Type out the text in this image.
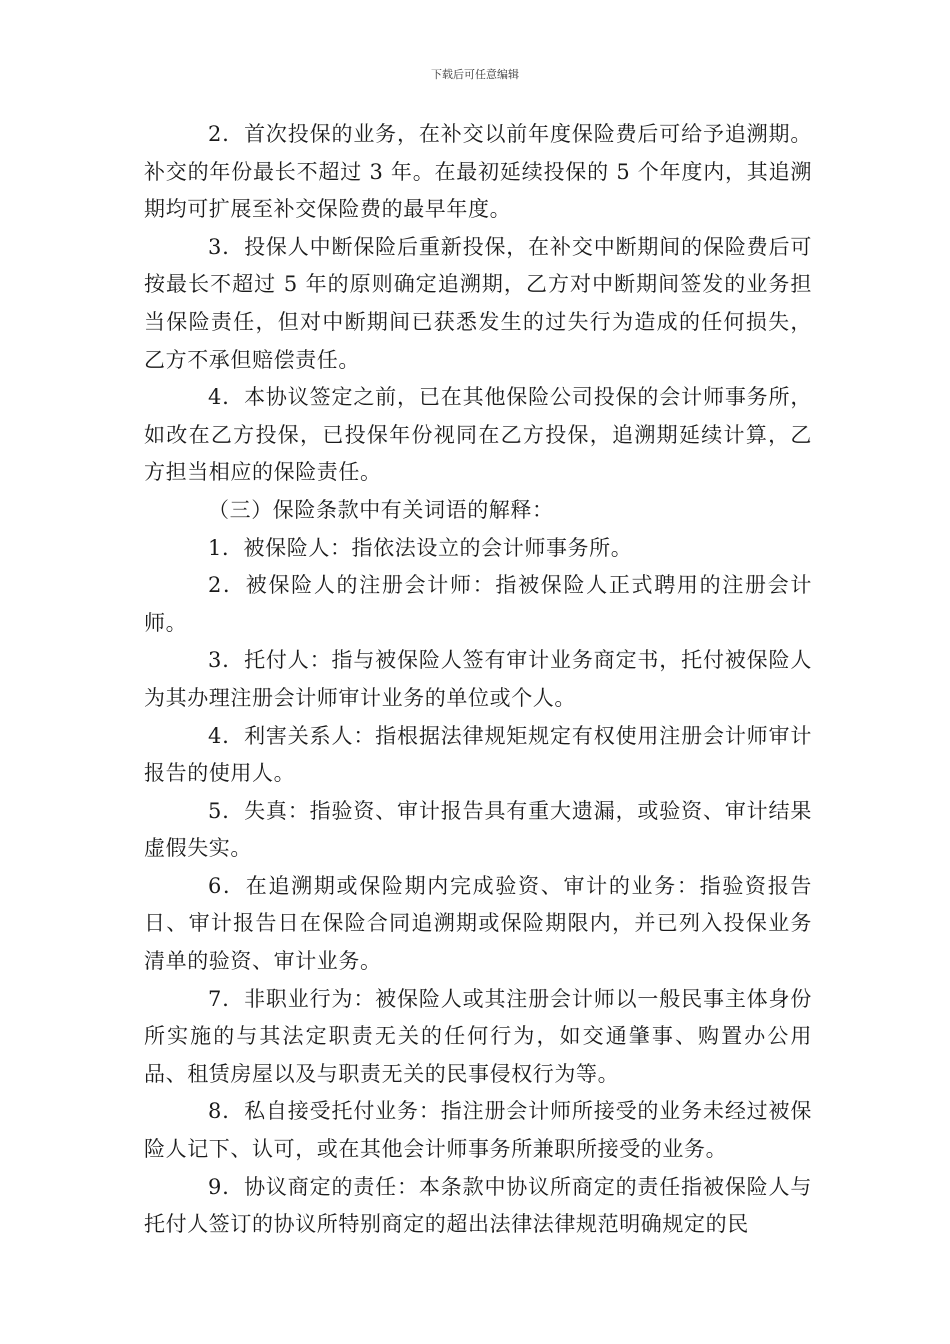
下载后可任意编辑

2．首次投保的业务，在补交以前年度保险费后可给予追溯期。补交的年份最长不超过 3 年。在最初延续投保的 5 个年度内，其追溯期均可扩展至补交保险费的最早年度。

3．投保人中断保险后重新投保，在补交中断期间的保险费后可按最长不超过 5 年的原则确定追溯期，乙方对中断期间签发的业务担当保险责任，但对中断期间已获悉发生的过失行为造成的任何损失，乙方不承但赔偿责任。

4．本协议签定之前，已在其他保险公司投保的会计师事务所，如改在乙方投保，已投保年份视同在乙方投保，追溯期延续计算，乙方担当相应的保险责任。

（三）保险条款中有关词语的解释：

1．被保险人：指依法设立的会计师事务所。

2．被保险人的注册会计师：指被保险人正式聘用的注册会计师。

3．托付人：指与被保险人签有审计业务商定书，托付被保险人为其办理注册会计师审计业务的单位或个人。

4．利害关系人：指根据法律规矩规定有权使用注册会计师审计报告的使用人。

5．失真：指验资、审计报告具有重大遗漏，或验资、审计结果虚假失实。

6．在追溯期或保险期内完成验资、审计的业务：指验资报告日、审计报告日在保险合同追溯期或保险期限内，并已列入投保业务清单的验资、审计业务。

7．非职业行为：被保险人或其注册会计师以一般民事主体身份所实施的与其法定职责无关的任何行为，如交通肇事、购置办公用品、租赁房屋以及与职责无关的民事侵权行为等。

8．私自接受托付业务：指注册会计师所接受的业务未经过被保险人记下、认可，或在其他会计师事务所兼职所接受的业务。

9．协议商定的责任：本条款中协议所商定的责任指被保险人与托付人签订的协议所特别商定的超出法律法律规范明确规定的民
